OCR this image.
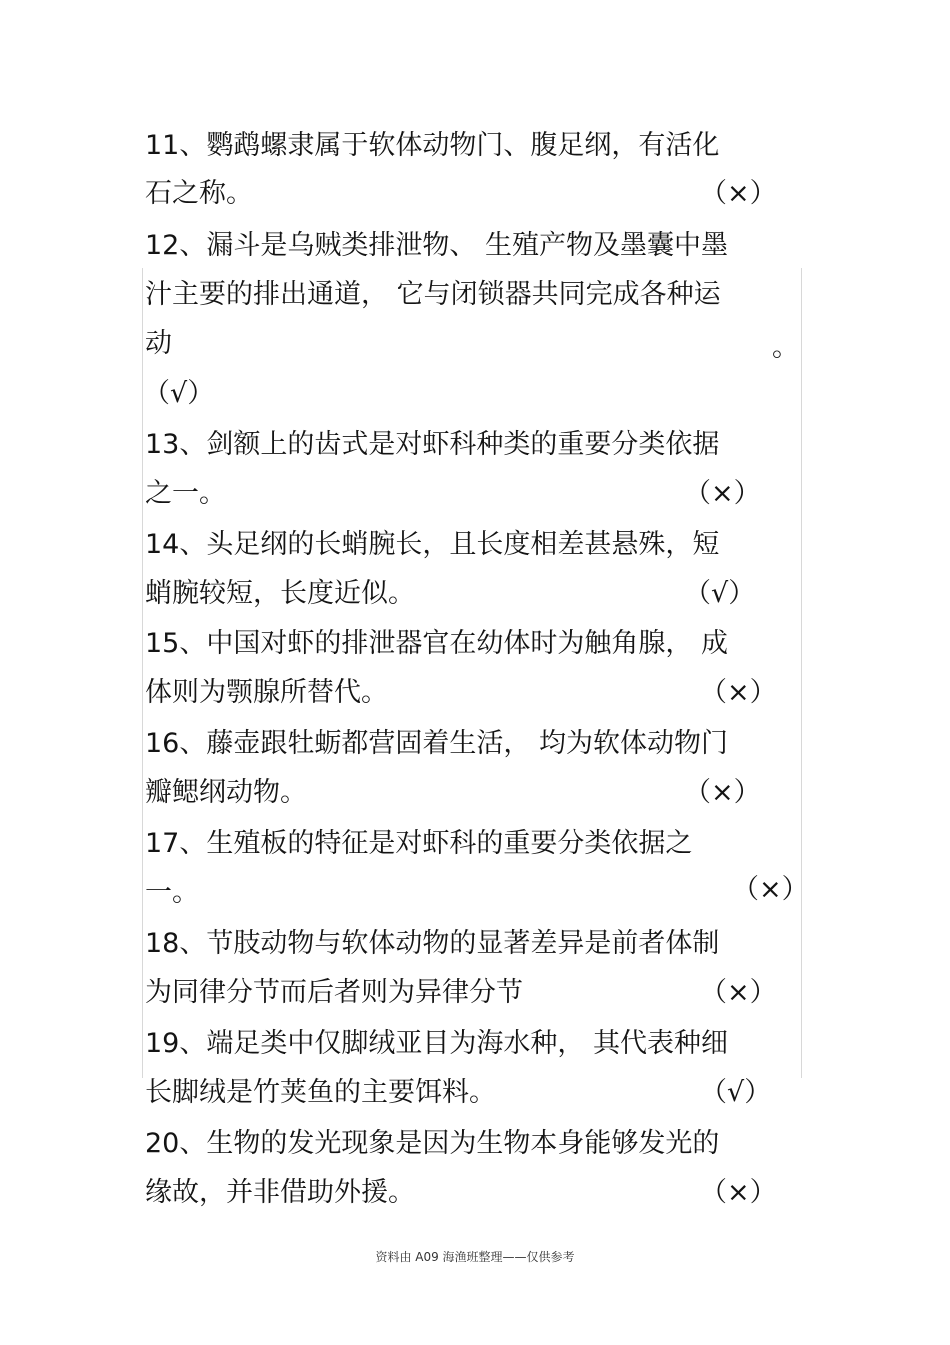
11、鹦鹉螺隶属于软体动物门、腹足纲，有活化
石之称。	（×）
12、漏斗是乌贼类排泄物、 生殖产物及墨囊中墨
汁主要的排出通道， 它与闭锁器共同完成各种运
动	。
（√）
13、剑额上的齿式是对虾科种类的重要分类依据
之一。	（×）
14、头足纲的长蛸腕长，且长度相差甚悬殊，短
蛸腕较短，长度近似。	（√）
15、中国对虾的排泄器官在幼体时为触角腺， 成
体则为颚腺所替代。	（×）
16、藤壶跟牡蛎都营固着生活， 均为软体动物门
瓣鳃纲动物。	（×）
17、生殖板的特征是对虾科的重要分类依据之
一。	（×）
18、节肢动物与软体动物的显著差异是前者体制
为同律分节而后者则为异律分节	（×）
19、端足类中仅脚绒亚目为海水种， 其代表种细
长脚绒是竹荚鱼的主要饵料。	（√）
20、生物的发光现象是因为生物本身能够发光的
缘故，并非借助外援。	（×）
资料由 A09 海渔班整理——仅供参考
